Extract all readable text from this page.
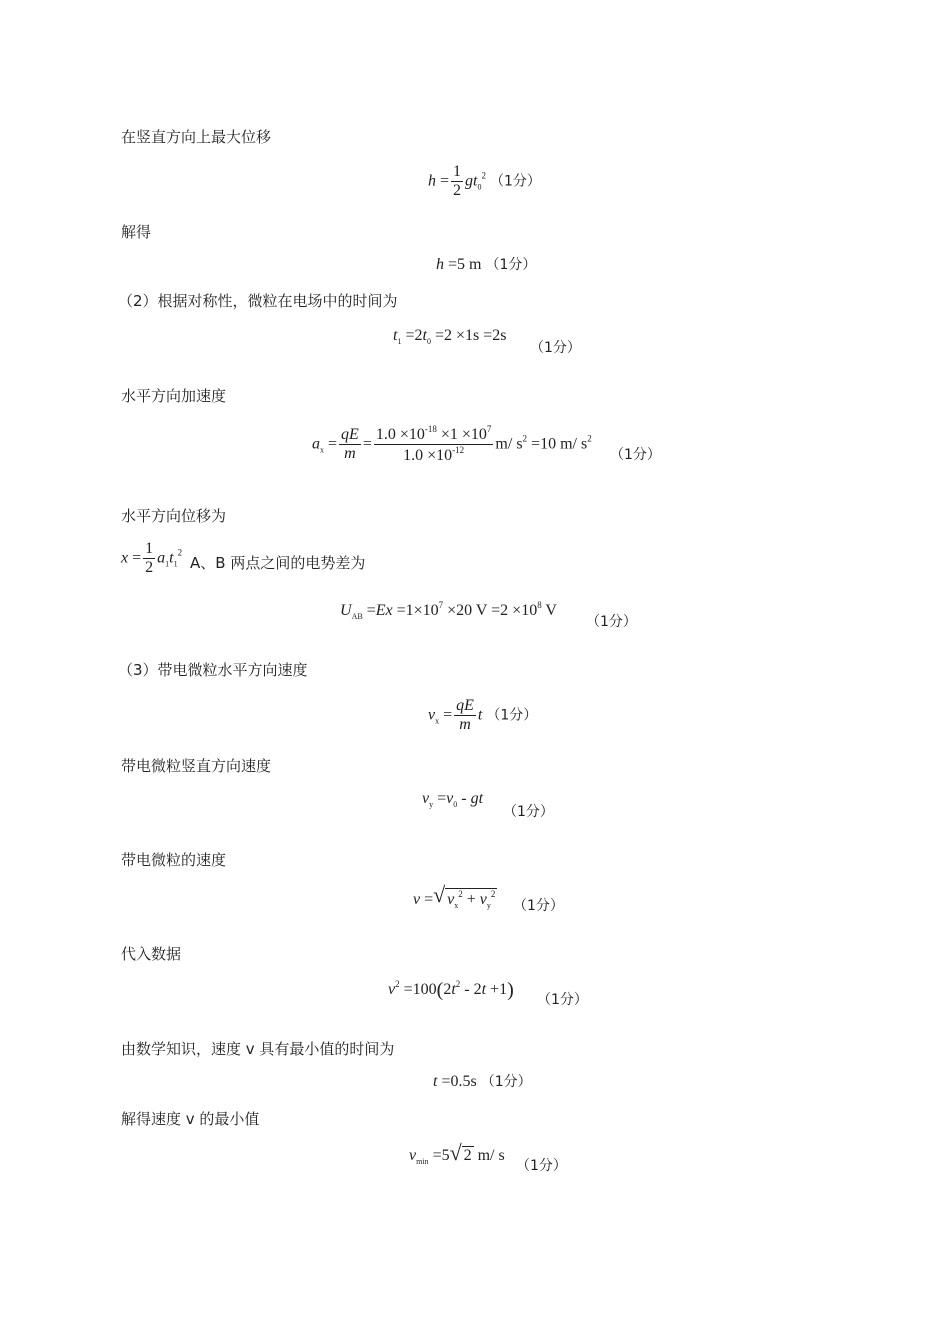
在竖直方向上最大位移
$h = \frac{1}{2} gt_0^2$ （1分）
解得
h =5 m （1分）
（2）根据对称性，微粒在电场中的时间为
$t_1 =2t_0 =2 \times 1s =2s$
（1分）
水平方向加速度
$a_x = \frac{qE}{m} = \frac{1.0 \times 10^{-18} \times 1 \times 10^7}{1.0 \times 10^{-12}} m/$ $s^2 =10$ m/ $s^2$
（1分）
水平方向位移为
$x = \frac{1}{2} a_1t_1^2$
A、B 两点之间的电势差为
$U_{AB} =Ex =1\times 10^7 \times 20$ $V =2 \times 10^8$ V
（1分）
（3）带电微粒水平方向速度
$v_x = \frac{qE}{m}$ t （1分）
带电微粒竖直方向速度
$v_y =v_0$ - gt
（1分）
带电微粒的速度
v = √ $v_x^2 + v_y^2$
（1分）
代入数据
$v^2 =100(2t^2 - 2t +1)$ （1分）
由数学知识，速度 v 具有最小值的时间为
t =0.5s （1分）
解得速度 v 的最小值
$v_{min} =5$ √ 2 m/ s
（1分）
